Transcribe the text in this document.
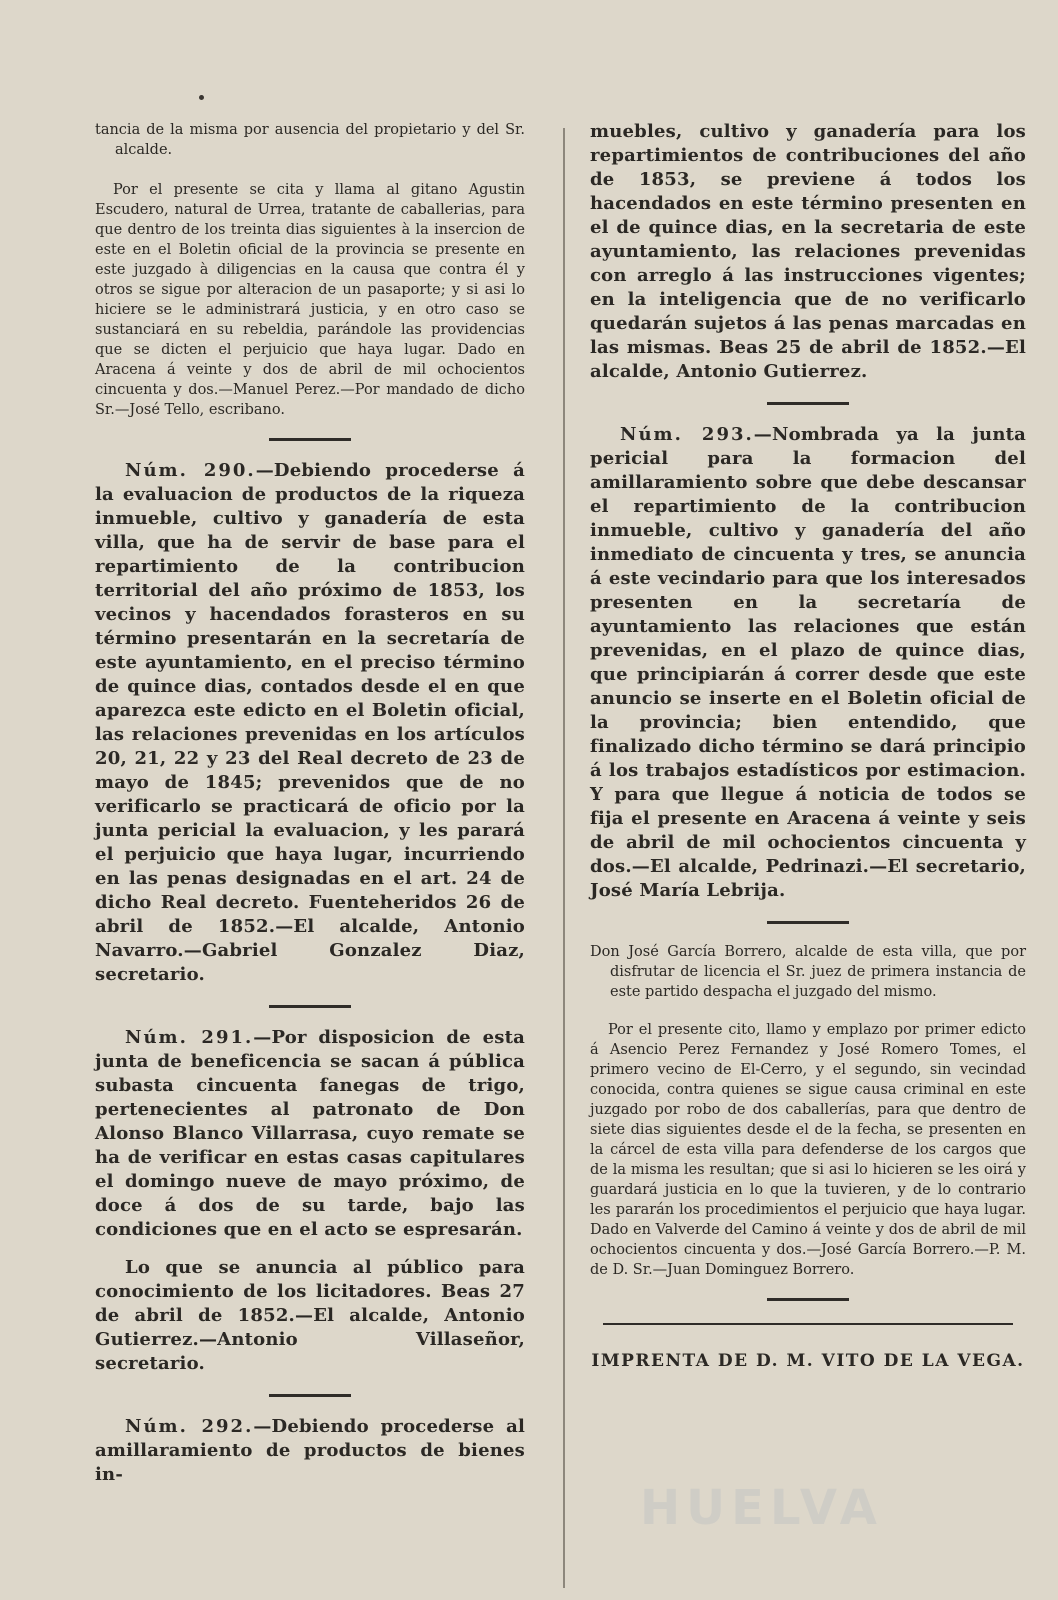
HUELVA

tancia de la misma por ausencia del propietario y del Sr. alcalde.

Por el presente se cita y llama al gitano Agustin Escudero, natural de Urrea, tratante de caballerias, para que dentro de los treinta dias siguientes à la insercion de este en el Boletin oficial de la provincia se presente en este juzgado à diligencias en la causa que contra él y otros se sigue por alteracion de un pasaporte; y si asi lo hiciere se le administrará justicia, y en otro caso se sustanciará en su rebeldia, parándole las providencias que se dicten el perjuicio que haya lugar. Dado en Aracena á veinte y dos de abril de mil ochocientos cincuenta y dos.—Manuel Perez.—Por mandado de dicho Sr.—José Tello, escribano.

Núm. 290.—Debiendo procederse á la evaluacion de productos de la riqueza inmueble, cultivo y ganadería de esta villa, que ha de servir de base para el repartimiento de la contribucion territorial del año próximo de 1853, los vecinos y hacendados forasteros en su término presentarán en la secretaría de este ayuntamiento, en el preciso término de quince dias, contados desde el en que aparezca este edicto en el Boletin oficial, las relaciones prevenidas en los artículos 20, 21, 22 y 23 del Real decreto de 23 de mayo de 1845; prevenidos que de no verificarlo se practicará de oficio por la junta pericial la evaluacion, y les parará el perjuicio que haya lugar, incurriendo en las penas designadas en el art. 24 de dicho Real decreto. Fuenteheridos 26 de abril de 1852.—El alcalde, Antonio Navarro.—Gabriel Gonzalez Diaz, secretario.

Núm. 291.—Por disposicion de esta junta de beneficencia se sacan á pública subasta cincuenta fanegas de trigo, pertenecientes al patronato de Don Alonso Blanco Villarrasa, cuyo remate se ha de verificar en estas casas capitulares el domingo nueve de mayo próximo, de doce á dos de su tarde, bajo las condiciones que en el acto se espresarán.

Lo que se anuncia al público para conocimiento de los licitadores. Beas 27 de abril de 1852.—El alcalde, Antonio Gutierrez.—Antonio Villaseñor, secretario.

Núm. 292.—Debiendo procederse al amillaramiento de productos de bienes in-

muebles, cultivo y ganadería para los repartimientos de contribuciones del año de 1853, se previene á todos los hacendados en este término presenten en el de quince dias, en la secretaria de este ayuntamiento, las relaciones prevenidas con arreglo á las instrucciones vigentes; en la inteligencia que de no verificarlo quedarán sujetos á las penas marcadas en las mismas. Beas 25 de abril de 1852.—El alcalde, Antonio Gutierrez.

Núm. 293.—Nombrada ya la junta pericial para la formacion del amillaramiento sobre que debe descansar el repartimiento de la contribucion inmueble, cultivo y ganadería del año inmediato de cincuenta y tres, se anuncia á este vecindario para que los interesados presenten en la secretaría de ayuntamiento las relaciones que están prevenidas, en el plazo de quince dias, que principiarán á correr desde que este anuncio se inserte en el Boletin oficial de la provincia; bien entendido, que finalizado dicho término se dará principio á los trabajos estadísticos por estimacion. Y para que llegue á noticia de todos se fija el presente en Aracena á veinte y seis de abril de mil ochocientos cincuenta y dos.—El alcalde, Pedrinazi.—El secretario, José María Lebrija.

Don José García Borrero, alcalde de esta villa, que por disfrutar de licencia el Sr. juez de primera instancia de este partido despacha el juzgado del mismo.

Por el presente cito, llamo y emplazo por primer edicto á Asencio Perez Fernandez y José Romero Tomes, el primero vecino de El-Cerro, y el segundo, sin vecindad conocida, contra quienes se sigue causa criminal en este juzgado por robo de dos caballerías, para que dentro de siete dias siguientes desde el de la fecha, se presenten en la cárcel de esta villa para defenderse de los cargos que de la misma les resultan; que si asi lo hicieren se les oirá y guardará justicia en lo que la tuvieren, y de lo contrario les pararán los procedimientos el perjuicio que haya lugar. Dado en Valverde del Camino á veinte y dos de abril de mil ochocientos cincuenta y dos.—José García Borrero.—P. M. de D. Sr.—Juan Dominguez Borrero.

IMPRENTA DE D. M. VITO DE LA VEGA.
